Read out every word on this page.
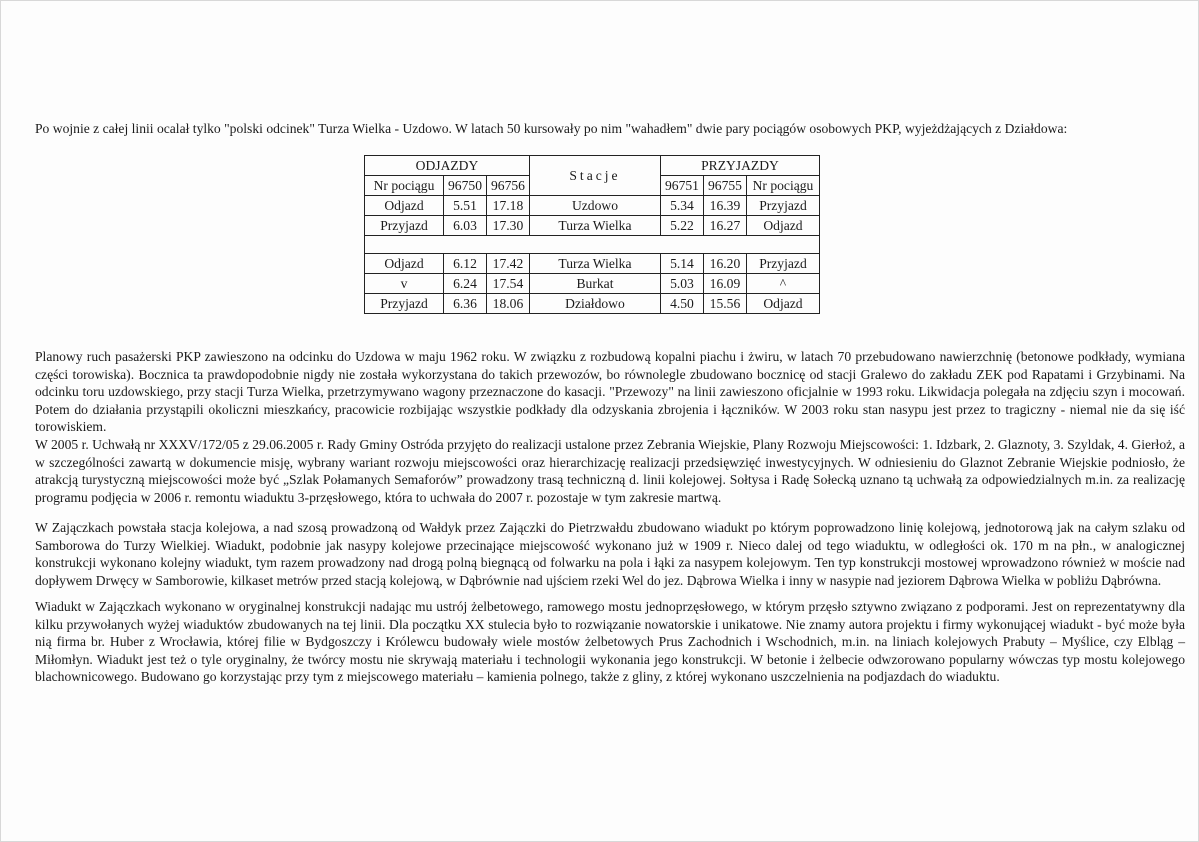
Po wojnie z całej linii ocalał tylko "polski odcinek" Turza Wielka - Uzdowo. W latach 50 kursowały po nim "wahadłem" dwie pary pociągów osobowych PKP, wyjeżdżających z Działdowa:
ODJAZDY			Stacje	PRZYJAZDY		
Nr pociągu	96750	96756		96751	96755	Nr pociągu
Odjazd	5.51	17.18	Uzdowo	5.34	16.39	Przyjazd
Przyjazd	6.03	17.30	Turza Wielka	5.22	16.27	Odjazd

Odjazd	6.12	17.42	Turza Wielka	5.14	16.20	Przyjazd
v	6.24	17.54	Burkat	5.03	16.09	^
Przyjazd	6.36	18.06	Działdowo	4.50	15.56	Odjazd

Planowy ruch pasażerski PKP zawieszono na odcinku do Uzdowa w maju 1962 roku. W związku z rozbudową kopalni piachu i żwiru, w latach 70 przebudowano nawierzchnię (betonowe podkłady, wymiana części torowiska). Bocznica ta prawdopodobnie nigdy nie została wykorzystana do takich przewozów, bo równolegle zbudowano bocznicę od stacji Gralewo do zakładu ZEK pod Rapatami i Grzybinami. Na odcinku toru uzdowskiego, przy stacji Turza Wielka, przetrzymywano wagony przeznaczone do kasacji. "Przewozy" na linii zawieszono oficjalnie w 1993 roku. Likwidacja polegała na zdjęciu szyn i mocowań. Potem do działania przystąpili okoliczni mieszkańcy, pracowicie rozbijając wszystkie podkłady dla odzyskania zbrojenia i łączników. W 2003 roku stan nasypu jest przez to tragiczny - niemal nie da się iść torowiskiem.

W 2005 r. Uchwałą nr XXXV/172/05 z 29.06.2005 r. Rady Gminy Ostróda przyjęto do realizacji ustalone przez Zebrania Wiejskie, Plany Rozwoju Miejscowości: 1. Idzbark, 2. Glaznoty, 3. Szyldak, 4. Gierłoż, a w szczególności zawartą w dokumencie misję, wybrany wariant rozwoju miejscowości oraz hierarchizację realizacji przedsięwzięć inwestycyjnych. W odniesieniu do Glaznot Zebranie Wiejskie podniosło, że atrakcją turystyczną miejscowości może być „Szlak Połamanych Semaforów” prowadzony trasą techniczną d. linii kolejowej. Sołtysa i Radę Sołecką uznano tą uchwałą za odpowiedzialnych m.in. za realizację programu podjęcia w 2006 r. remontu wiaduktu 3-przęsłowego, która to uchwała do 2007 r. pozostaje w tym zakresie martwą.

W Zajączkach powstała stacja kolejowa, a nad szosą prowadzoną od Wałdyk przez Zajączki do Pietrzwałdu zbudowano wiadukt po którym poprowadzono linię kolejową, jednotorową jak na całym szlaku od Samborowa do Turzy Wielkiej. Wiadukt, podobnie jak nasypy kolejowe przecinające miejscowość wykonano już w 1909 r. Nieco dalej od tego wiaduktu, w odległości ok. 170 m na płn., w analogicznej konstrukcji wykonano kolejny wiadukt, tym razem prowadzony nad drogą polną biegnącą od folwarku na pola i łąki za nasypem kolejowym. Ten typ konstrukcji mostowej wprowadzono również w moście nad dopływem Drwęcy w Samborowie, kilkaset metrów przed stacją kolejową, w Dąbrównie nad ujściem rzeki Wel do jez. Dąbrowa Wielka i inny w nasypie nad jeziorem Dąbrowa Wielka w pobliżu Dąbrówna.

Wiadukt w Zajączkach wykonano w oryginalnej konstrukcji nadając mu ustrój żelbetowego, ramowego mostu jednoprzęsłowego, w którym przęsło sztywno związano z podporami. Jest on reprezentatywny dla kilku przywołanych wyżej wiaduktów zbudowanych na tej linii. Dla początku XX stulecia było to rozwiązanie nowatorskie i unikatowe. Nie znamy autora projektu i firmy wykonującej wiadukt - być może była nią firma br. Huber z Wrocławia, której filie w Bydgoszczy i Królewcu budowały wiele mostów żelbetowych Prus Zachodnich i Wschodnich, m.in. na liniach kolejowych Prabuty – Myślice, czy Elbląg – Miłomłyn. Wiadukt jest też o tyle oryginalny, że twórcy mostu nie skrywają materiału i technologii wykonania jego konstrukcji. W betonie i żelbecie odwzorowano popularny wówczas typ mostu kolejowego blachownicowego. Budowano go korzystając przy tym z miejscowego materiału – kamienia polnego, także z gliny, z której wykonano uszczelnienia na podjazdach do wiaduktu.
